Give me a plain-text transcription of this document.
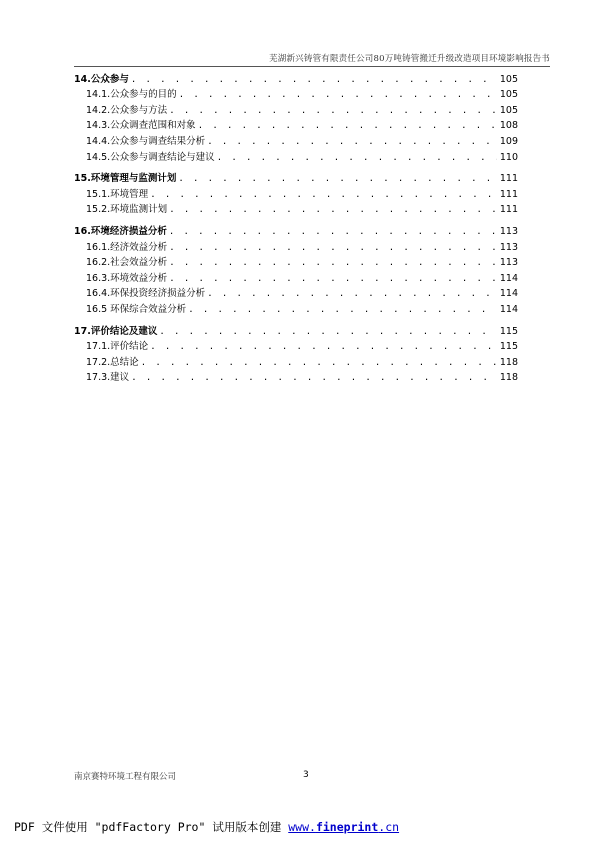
芜湖新兴铸管有限责任公司80万吨铸管搬迁升级改造项目环境影响报告书
14.公众参与 . . .	105
14.1.公众参与的目的 . . .	105
14.2.公众参与方法 . . .	105
14.3.公众调查范围和对象 . . .	108
14.4.公众参与调查结果分析 . . .	109
14.5.公众参与调查结论与建议 . . .	110
15.环境管理与监测计划 . . .	111
15.1.环境管理 . . .	111
15.2.环境监测计划 . . .	111
16.环境经济损益分析 . . .	113
16.1.经济效益分析 . . .	113
16.2.社会效益分析 . . .	113
16.3.环境效益分析 . . .	114
16.4.环保投资经济损益分析 . . .	114
16.5 环保综合效益分析 . . .	114
17.评价结论及建议 . . .	115
17.1.评价结论 . . .	115
17.2.总结论 . . .	118
17.3.建议 . . .	118
南京赛特环境工程有限公司	3
PDF 文件使用 "pdfFactory Pro" 试用版本创建 www.fineprint.cn
